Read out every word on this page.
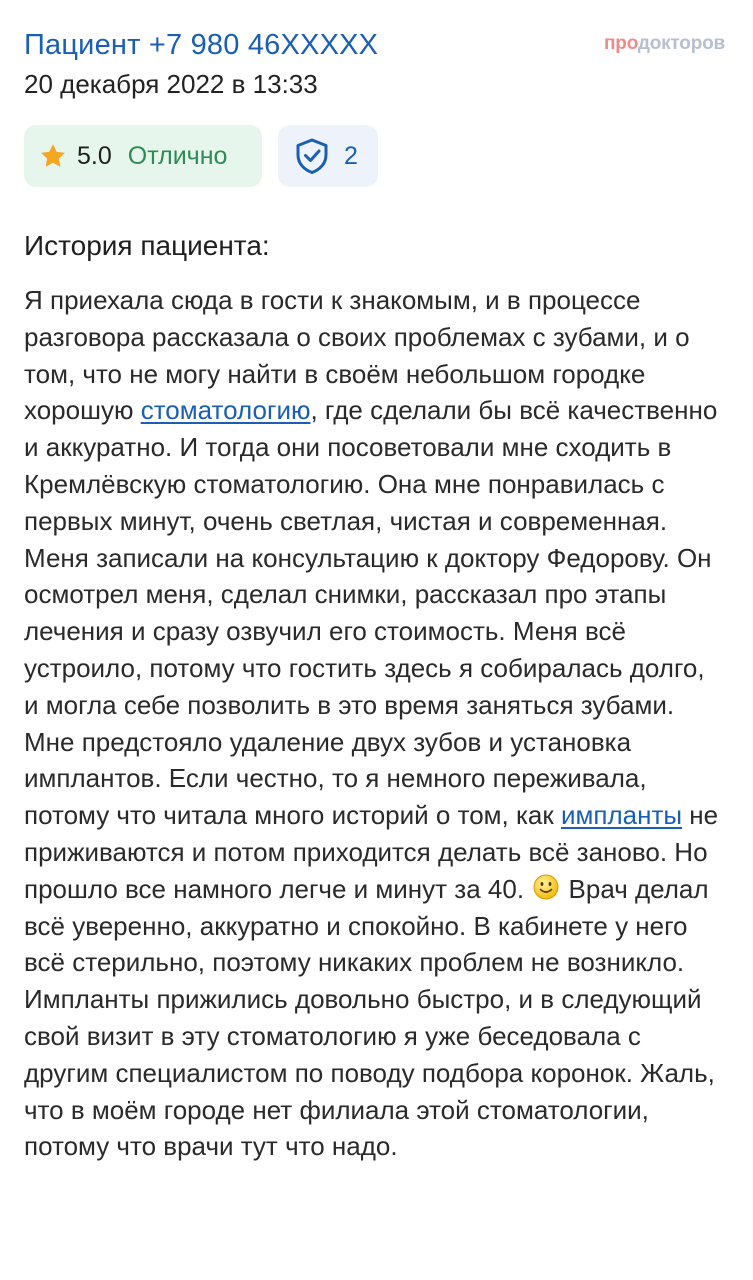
Пациент +7 980 46XXXXX
20 декабря 2022 в 13:33
продокторов
5.0 Отлично	2
История пациента:

Я приехала сюда в гости к знакомым, и в процессе разговора рассказала о своих проблемах с зубами, и о том, что не могу найти в своём небольшом городке хорошую стоматологию, где сделали бы всё качественно и аккуратно. И тогда они посоветовали мне сходить в Кремлёвскую стоматологию. Она мне понравилась с первых минут, очень светлая, чистая и современная. Меня записали на консультацию к доктору Федорову. Он осмотрел меня, сделал снимки, рассказал про этапы лечения и сразу озвучил его стоимость. Меня всё устроило, потому что гостить здесь я собиралась долго, и могла себе позволить в это время заняться зубами. Мне предстояло удаление двух зубов и установка имплантов. Если честно, то я немного переживала, потому что читала много историй о том, как импланты не приживаются и потом приходится делать всё заново. Но прошло все намного легче и минут за 40. Врач делал всё уверенно, аккуратно и спокойно. В кабинете у него всё стерильно, поэтому никаких проблем не возникло. Импланты прижились довольно быстро, и в следующий свой визит в эту стоматологию я уже беседовала с другим специалистом по поводу подбора коронок. Жаль, что в моём городе нет филиала этой стоматологии, потому что врачи тут что надо.
